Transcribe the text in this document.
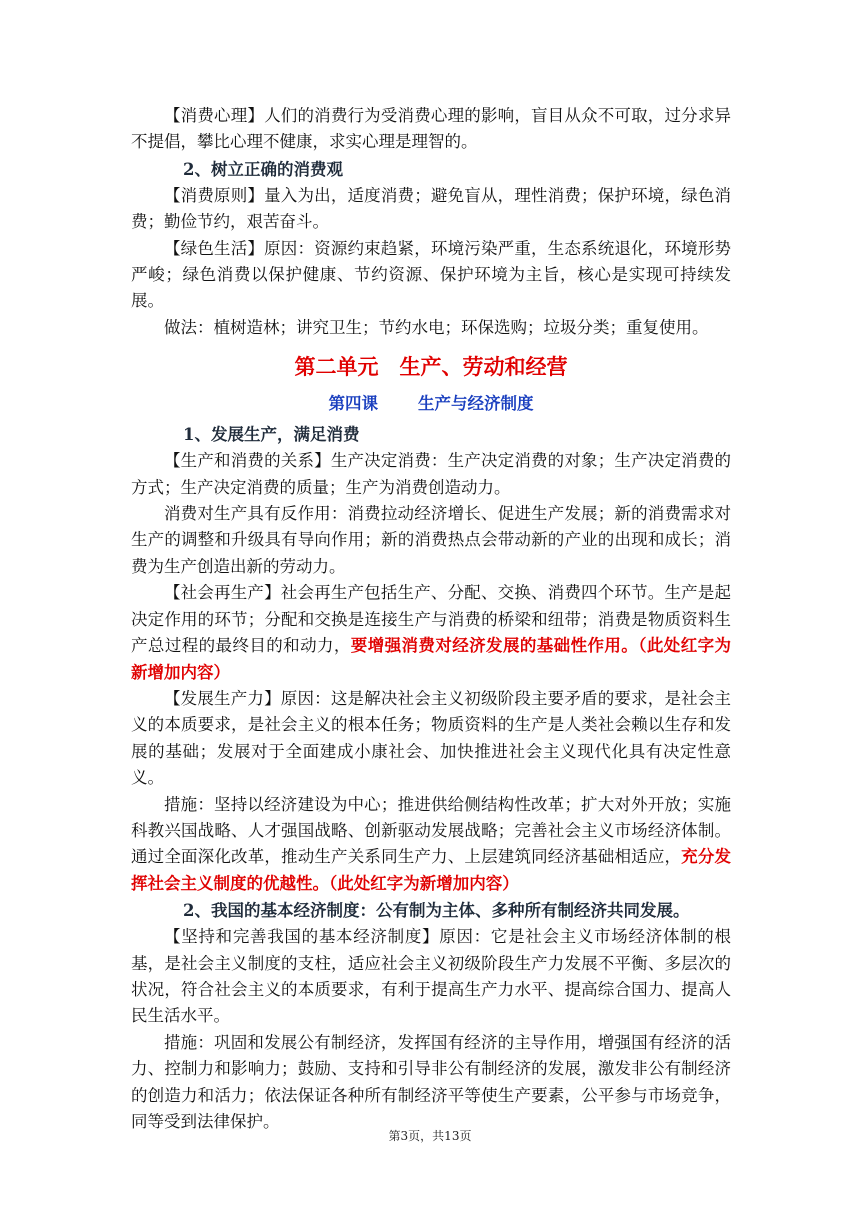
【消费心理】人们的消费行为受消费心理的影响，盲目从众不可取，过分求异不提倡，攀比心理不健康，求实心理是理智的。

2、树立正确的消费观

【消费原则】量入为出，适度消费；避免盲从，理性消费；保护环境，绿色消费；勤俭节约，艰苦奋斗。

【绿色生活】原因：资源约束趋紧，环境污染严重，生态系统退化，环境形势严峻；绿色消费以保护健康、节约资源、保护环境为主旨，核心是实现可持续发展。

做法：植树造林；讲究卫生；节约水电；环保选购；垃圾分类；重复使用。

第二单元　生产、劳动和经营
第四课 生产与经济制度
1、发展生产，满足消费

【生产和消费的关系】生产决定消费：生产决定消费的对象；生产决定消费的方式；生产决定消费的质量；生产为消费创造动力。

消费对生产具有反作用：消费拉动经济增长、促进生产发展；新的消费需求对生产的调整和升级具有导向作用；新的消费热点会带动新的产业的出现和成长；消费为生产创造出新的劳动力。

【社会再生产】社会再生产包括生产、分配、交换、消费四个环节。生产是起决定作用的环节；分配和交换是连接生产与消费的桥梁和纽带；消费是物质资料生产总过程的最终目的和动力，要增强消费对经济发展的基础性作用。（此处红字为新增加内容）

【发展生产力】原因：这是解决社会主义初级阶段主要矛盾的要求，是社会主义的本质要求，是社会主义的根本任务；物质资料的生产是人类社会赖以生存和发展的基础；发展对于全面建成小康社会、加快推进社会主义现代化具有决定性意义。

措施：坚持以经济建设为中心；推进供给侧结构性改革；扩大对外开放；实施科教兴国战略、人才强国战略、创新驱动发展战略；完善社会主义市场经济体制。通过全面深化改革，推动生产关系同生产力、上层建筑同经济基础相适应，充分发挥社会主义制度的优越性。（此处红字为新增加内容）

2、我国的基本经济制度：公有制为主体、多种所有制经济共同发展。

【坚持和完善我国的基本经济制度】原因：它是社会主义市场经济体制的根基，是社会主义制度的支柱，适应社会主义初级阶段生产力发展不平衡、多层次的状况，符合社会主义的本质要求，有利于提高生产力水平、提高综合国力、提高人民生活水平。

措施：巩固和发展公有制经济，发挥国有经济的主导作用，增强国有经济的活力、控制力和影响力；鼓励、支持和引导非公有制经济的发展，激发非公有制经济的创造力和活力；依法保证各种所有制经济平等使生产要素，公平参与市场竞争，同等受到法律保护。

第3页，共13页
